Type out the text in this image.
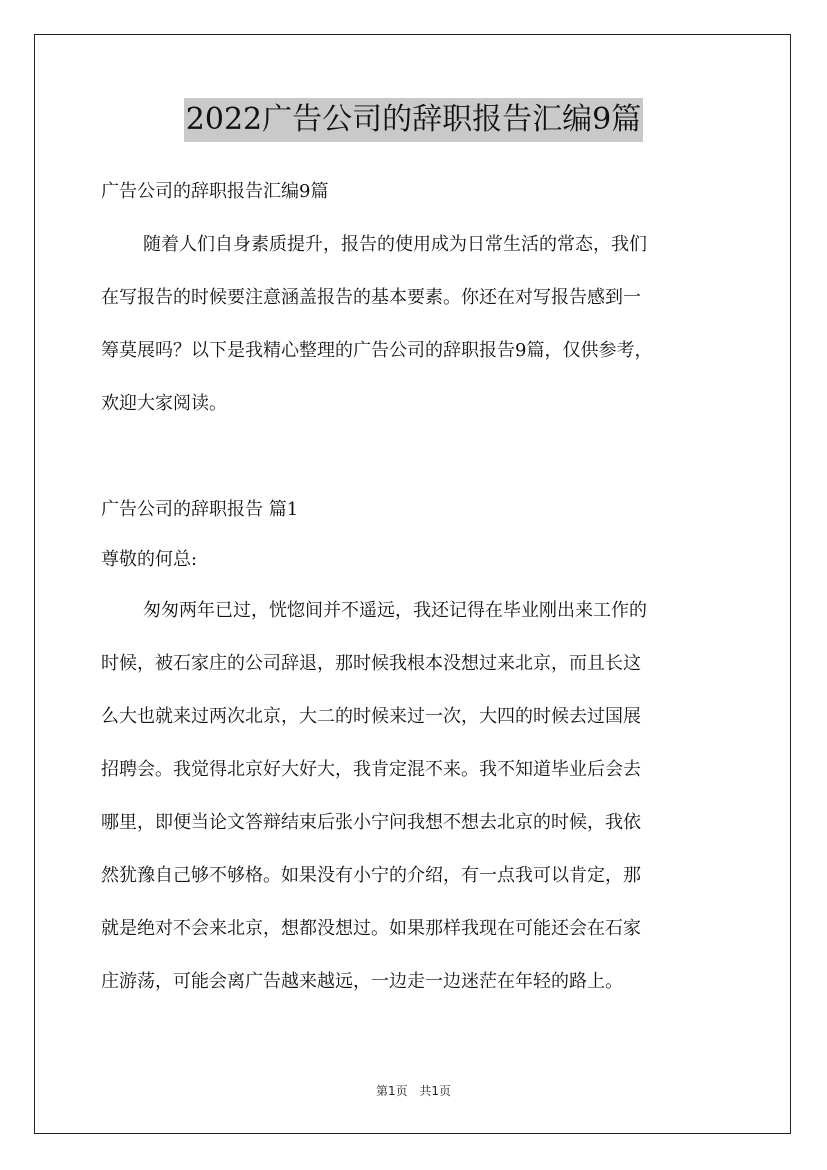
2022广告公司的辞职报告汇编9篇
广告公司的辞职报告汇编9篇
随着人们自身素质提升，报告的使用成为日常生活的常态，我们
在写报告的时候要注意涵盖报告的基本要素。你还在对写报告感到一
筹莫展吗？以下是我精心整理的广告公司的辞职报告9篇，仅供参考，
欢迎大家阅读。
广告公司的辞职报告 篇1
尊敬的何总:
匆匆两年已过，恍惚间并不遥远，我还记得在毕业刚出来工作的
时候，被石家庄的公司辞退，那时候我根本没想过来北京，而且长这
么大也就来过两次北京，大二的时候来过一次，大四的时候去过国展
招聘会。我觉得北京好大好大，我肯定混不来。我不知道毕业后会去
哪里，即便当论文答辩结束后张小宁问我想不想去北京的时候，我依
然犹豫自己够不够格。如果没有小宁的介绍，有一点我可以肯定，那
就是绝对不会来北京，想都没想过。如果那样我现在可能还会在石家
庄游荡，可能会离广告越来越远，一边走一边迷茫在年轻的路上。
第1页 共1页
